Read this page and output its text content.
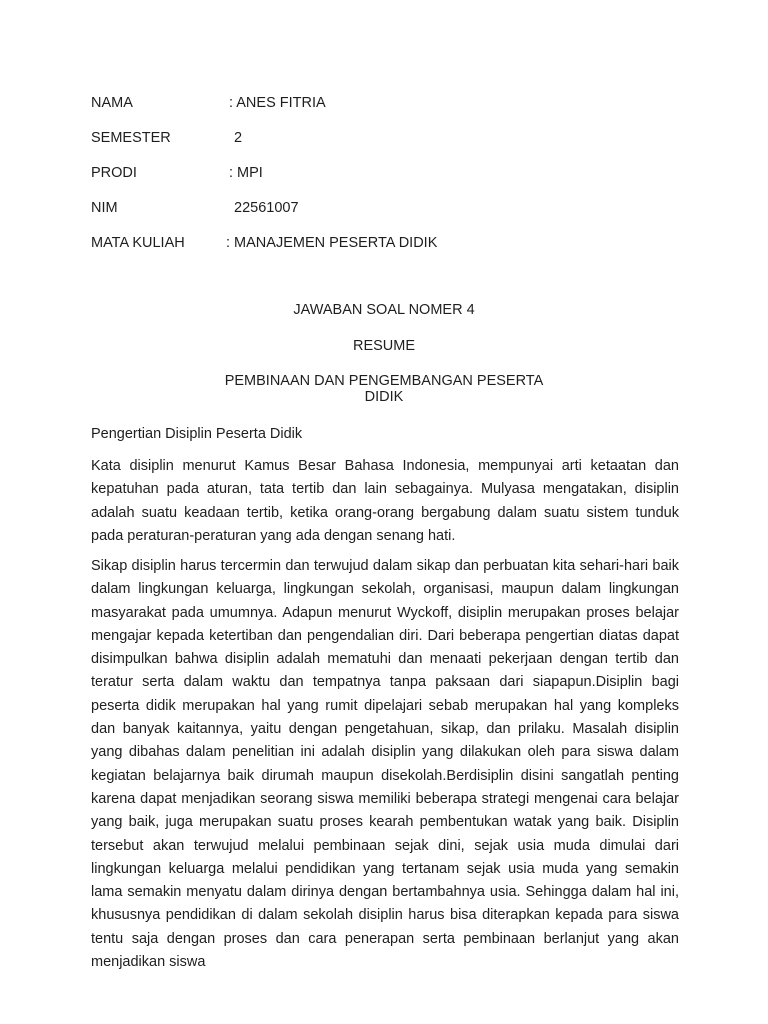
NAMA	: ANES FITRIA
SEMESTER	2
PRODI	: MPI
NIM	22561007
MATA KULIAH	: MANAJEMEN PESERTA DIDIK
JAWABAN SOAL NOMER 4
RESUME
PEMBINAAN DAN PENGEMBANGAN PESERTA
DIDIK
Pengertian Disiplin Peserta Didik

Kata disiplin menurut Kamus Besar Bahasa Indonesia, mempunyai arti ketaatan dan kepatuhan pada aturan, tata tertib dan lain sebagainya. Mulyasa mengatakan, disiplin adalah suatu keadaan tertib, ketika orang-orang bergabung dalam suatu sistem tunduk pada peraturan-peraturan yang ada dengan senang hati.

Sikap disiplin harus tercermin dan terwujud dalam sikap dan perbuatan kita sehari-hari baik dalam lingkungan keluarga, lingkungan sekolah, organisasi, maupun dalam lingkungan masyarakat pada umumnya. Adapun menurut Wyckoff, disiplin merupakan proses belajar mengajar kepada ketertiban dan pengendalian diri. Dari beberapa pengertian diatas dapat disimpulkan bahwa disiplin adalah mematuhi dan menaati pekerjaan dengan tertib dan teratur serta dalam waktu dan tempatnya tanpa paksaan dari siapapun.Disiplin bagi peserta didik merupakan hal yang rumit dipelajari sebab merupakan hal yang kompleks dan banyak kaitannya, yaitu dengan pengetahuan, sikap, dan prilaku. Masalah disiplin yang dibahas dalam penelitian ini adalah disiplin yang dilakukan oleh para siswa dalam kegiatan belajarnya baik dirumah maupun disekolah.Berdisiplin disini sangatlah penting karena dapat menjadikan seorang siswa memiliki beberapa strategi mengenai cara belajar yang baik, juga merupakan suatu proses kearah pembentukan watak yang baik. Disiplin tersebut akan terwujud melalui pembinaan sejak dini, sejak usia muda dimulai dari lingkungan keluarga melalui pendidikan yang tertanam sejak usia muda yang semakin lama semakin menyatu dalam dirinya dengan bertambahnya usia. Sehingga dalam hal ini, khususnya pendidikan di dalam sekolah disiplin harus bisa diterapkan kepada para siswa tentu saja dengan proses dan cara penerapan serta pembinaan berlanjut yang akan menjadikan siswa
